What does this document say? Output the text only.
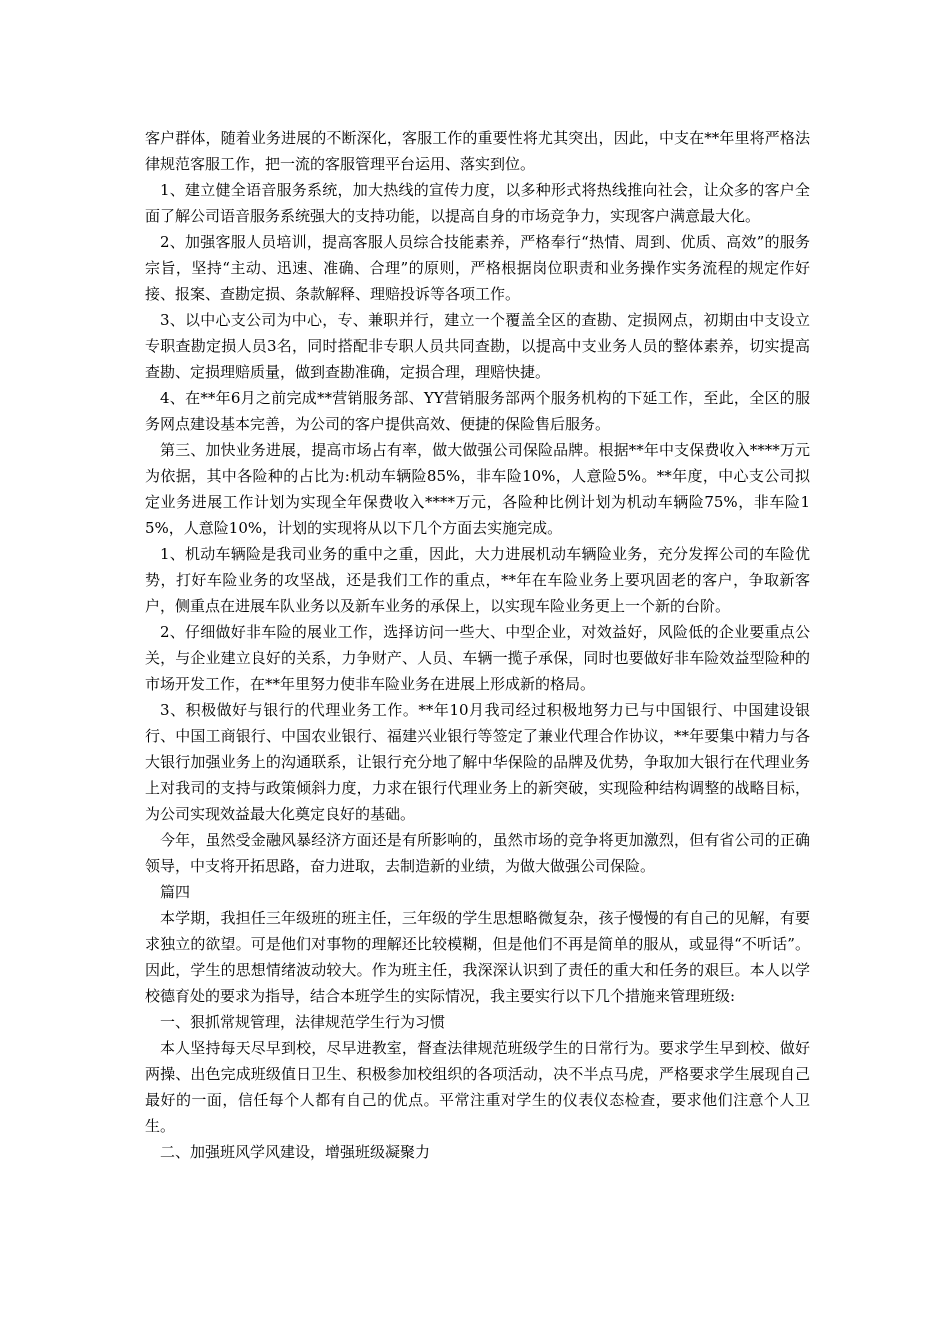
客户群体，随着业务进展的不断深化，客服工作的重要性将尤其突出，因此，中支在**年里将严格法律规范客服工作，把一流的客服管理平台运用、落实到位。

1、建立健全语音服务系统，加大热线的宣传力度，以多种形式将热线推向社会，让众多的客户全面了解公司语音服务系统强大的支持功能，以提高自身的市场竞争力，实现客户满意最大化。

2、加强客服人员培训，提高客服人员综合技能素养，严格奉行“热情、周到、优质、高效”的服务宗旨，坚持“主动、迅速、准确、合理”的原则，严格根据岗位职责和业务操作实务流程的规定作好接、报案、查勘定损、条款解释、理赔投诉等各项工作。

3、以中心支公司为中心，专、兼职并行，建立一个覆盖全区的查勘、定损网点，初期由中支设立专职查勘定损人员3名，同时搭配非专职人员共同查勘，以提高中支业务人员的整体素养，切实提高查勘、定损理赔质量，做到查勘准确，定损合理，理赔快捷。

4、在**年6月之前完成**营销服务部、YY营销服务部两个服务机构的下延工作，至此，全区的服务网点建设基本完善，为公司的客户提供高效、便捷的保险售后服务。

第三、加快业务进展，提高市场占有率，做大做强公司保险品牌。根据**年中支保费收入****万元为依据，其中各险种的占比为:机动车辆险85%，非车险10%，人意险5%。**年度，中心支公司拟定业务进展工作计划为实现全年保费收入****万元，各险种比例计划为机动车辆险75%，非车险15%，人意险10%，计划的实现将从以下几个方面去实施完成。

1、机动车辆险是我司业务的重中之重，因此，大力进展机动车辆险业务，充分发挥公司的车险优势，打好车险业务的攻坚战，还是我们工作的重点，**年在车险业务上要巩固老的客户，争取新客户，侧重点在进展车队业务以及新车业务的承保上，以实现车险业务更上一个新的台阶。

2、仔细做好非车险的展业工作，选择访问一些大、中型企业，对效益好，风险低的企业要重点公关，与企业建立良好的关系，力争财产、人员、车辆一揽子承保，同时也要做好非车险效益型险种的市场开发工作，在**年里努力使非车险业务在进展上形成新的格局。

3、积极做好与银行的代理业务工作。**年10月我司经过积极地努力已与中国银行、中国建设银行、中国工商银行、中国农业银行、福建兴业银行等签定了兼业代理合作协议，**年要集中精力与各大银行加强业务上的沟通联系，让银行充分地了解中华保险的品牌及优势，争取加大银行在代理业务上对我司的支持与政策倾斜力度，力求在银行代理业务上的新突破，实现险种结构调整的战略目标，为公司实现效益最大化奠定良好的基础。

今年，虽然受金融风暴经济方面还是有所影响的，虽然市场的竞争将更加激烈，但有省公司的正确领导，中支将开拓思路，奋力进取，去制造新的业绩，为做大做强公司保险。

篇四

本学期，我担任三年级班的班主任，三年级的学生思想略微复杂，孩子慢慢的有自己的见解，有要求独立的欲望。可是他们对事物的理解还比较模糊，但是他们不再是简单的服从，或显得“不听话”。因此，学生的思想情绪波动较大。作为班主任，我深深认识到了责任的重大和任务的艰巨。本人以学校德育处的要求为指导，结合本班学生的实际情况，我主要实行以下几个措施来管理班级:

一、狠抓常规管理，法律规范学生行为习惯

本人坚持每天尽早到校，尽早进教室，督查法律规范班级学生的日常行为。要求学生早到校、做好两操、出色完成班级值日卫生、积极参加校组织的各项活动，决不半点马虎，严格要求学生展现自己最好的一面，信任每个人都有自己的优点。平常注重对学生的仪表仪态检查，要求他们注意个人卫生。

二、加强班风学风建设，增强班级凝聚力
